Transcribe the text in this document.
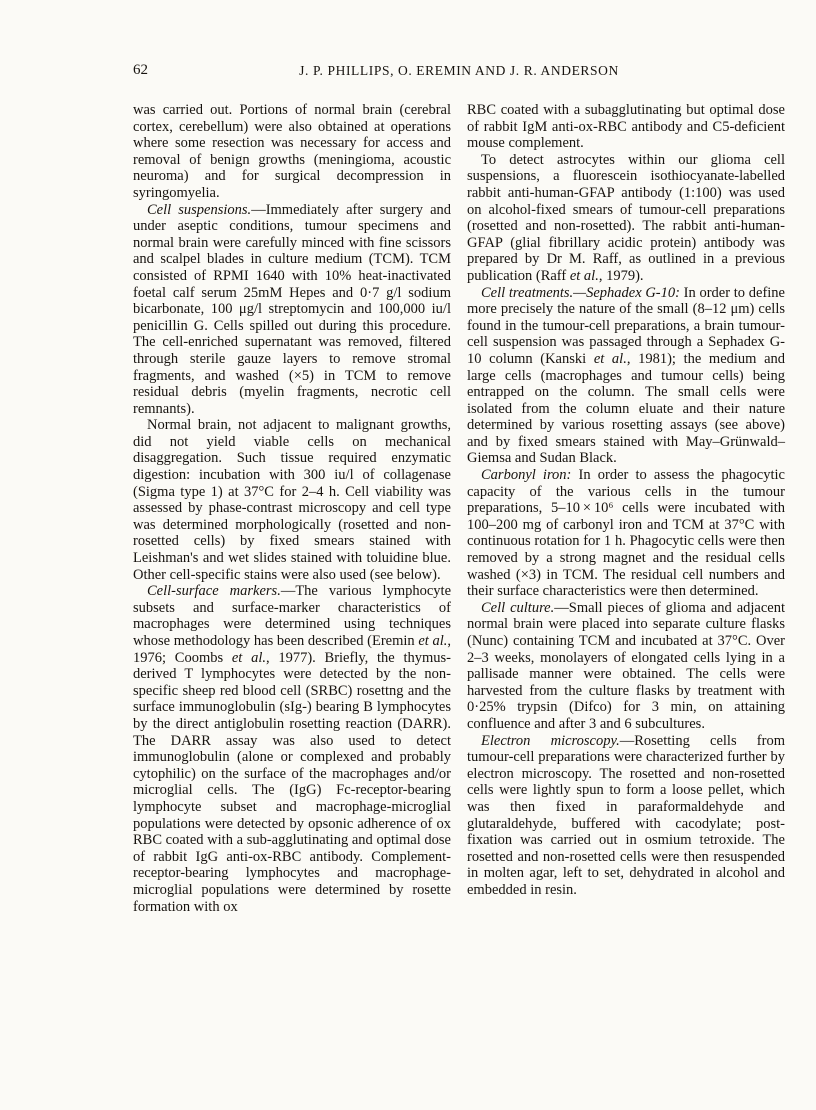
62	J. P. PHILLIPS, O. EREMIN AND J. R. ANDERSON

was carried out. Portions of normal brain (cerebral cortex, cerebellum) were also obtained at operations where some resection was necessary for access and removal of benign growths (meningioma, acoustic neuroma) and for surgical decompression in syringomyelia.

Cell suspensions.—Immediately after surgery and under aseptic conditions, tumour specimens and normal brain were carefully minced with fine scissors and scalpel blades in culture medium (TCM). TCM consisted of RPMI 1640 with 10% heat-inactivated foetal calf serum 25mM Hepes and 0·7 g/l sodium bicarbonate, 100 μg/l streptomycin and 100,000 iu/l penicillin G. Cells spilled out during this procedure. The cell-enriched supernatant was removed, filtered through sterile gauze layers to remove stromal fragments, and washed (×5) in TCM to remove residual debris (myelin fragments, necrotic cell remnants).

Normal brain, not adjacent to malignant growths, did not yield viable cells on mechanical disaggregation. Such tissue required enzymatic digestion: incubation with 300 iu/l of collagenase (Sigma type 1) at 37°C for 2–4 h. Cell viability was assessed by phase-contrast microscopy and cell type was determined morphologically (rosetted and non-rosetted cells) by fixed smears stained with Leishman's and wet slides stained with toluidine blue. Other cell-specific stains were also used (see below).

Cell-surface markers.—The various lymphocyte subsets and surface-marker characteristics of macrophages were determined using techniques whose methodology has been described (Eremin et al., 1976; Coombs et al., 1977). Briefly, the thymus-derived T lymphocytes were detected by the non-specific sheep red blood cell (SRBC) rosettng and the surface immunoglobulin (sIg-) bearing B lymphocytes by the direct antiglobulin rosetting reaction (DARR). The DARR assay was also used to detect immunoglobulin (alone or complexed and probably cytophilic) on the surface of the macrophages and/or microglial cells. The (IgG) Fc-receptor-bearing lymphocyte subset and macrophage-microglial populations were detected by opsonic adherence of ox RBC coated with a sub-agglutinating and optimal dose of rabbit IgG anti-ox-RBC antibody. Complement-receptor-bearing lymphocytes and macrophage-microglial populations were determined by rosette formation with ox

RBC coated with a subagglutinating but optimal dose of rabbit IgM anti-ox-RBC antibody and C5-deficient mouse complement.

To detect astrocytes within our glioma cell suspensions, a fluorescein isothiocyanate-labelled rabbit anti-human-GFAP antibody (1:100) was used on alcohol-fixed smears of tumour-cell preparations (rosetted and non-rosetted). The rabbit anti-human-GFAP (glial fibrillary acidic protein) antibody was prepared by Dr M. Raff, as outlined in a previous publication (Raff et al., 1979).

Cell treatments.—Sephadex G-10: In order to define more precisely the nature of the small (8–12 μm) cells found in the tumour-cell preparations, a brain tumour-cell suspension was passaged through a Sephadex G-10 column (Kanski et al., 1981); the medium and large cells (macrophages and tumour cells) being entrapped on the column. The small cells were isolated from the column eluate and their nature determined by various rosetting assays (see above) and by fixed smears stained with May–Grünwald–Giemsa and Sudan Black.

Carbonyl iron: In order to assess the phagocytic capacity of the various cells in the tumour preparations, 5–10 × 10⁶ cells were incubated with 100–200 mg of carbonyl iron and TCM at 37°C with continuous rotation for 1 h. Phagocytic cells were then removed by a strong magnet and the residual cells washed (×3) in TCM. The residual cell numbers and their surface characteristics were then determined.

Cell culture.—Small pieces of glioma and adjacent normal brain were placed into separate culture flasks (Nunc) containing TCM and incubated at 37°C. Over 2–3 weeks, monolayers of elongated cells lying in a pallisade manner were obtained. The cells were harvested from the culture flasks by treatment with 0·25% trypsin (Difco) for 3 min, on attaining confluence and after 3 and 6 subcultures.

Electron microscopy.—Rosetting cells from tumour-cell preparations were characterized further by electron microscopy. The rosetted and non-rosetted cells were lightly spun to form a loose pellet, which was then fixed in paraformaldehyde and glutaraldehyde, buffered with cacodylate; post-fixation was carried out in osmium tetroxide. The rosetted and non-rosetted cells were then resuspended in molten agar, left to set, dehydrated in alcohol and embedded in resin.
